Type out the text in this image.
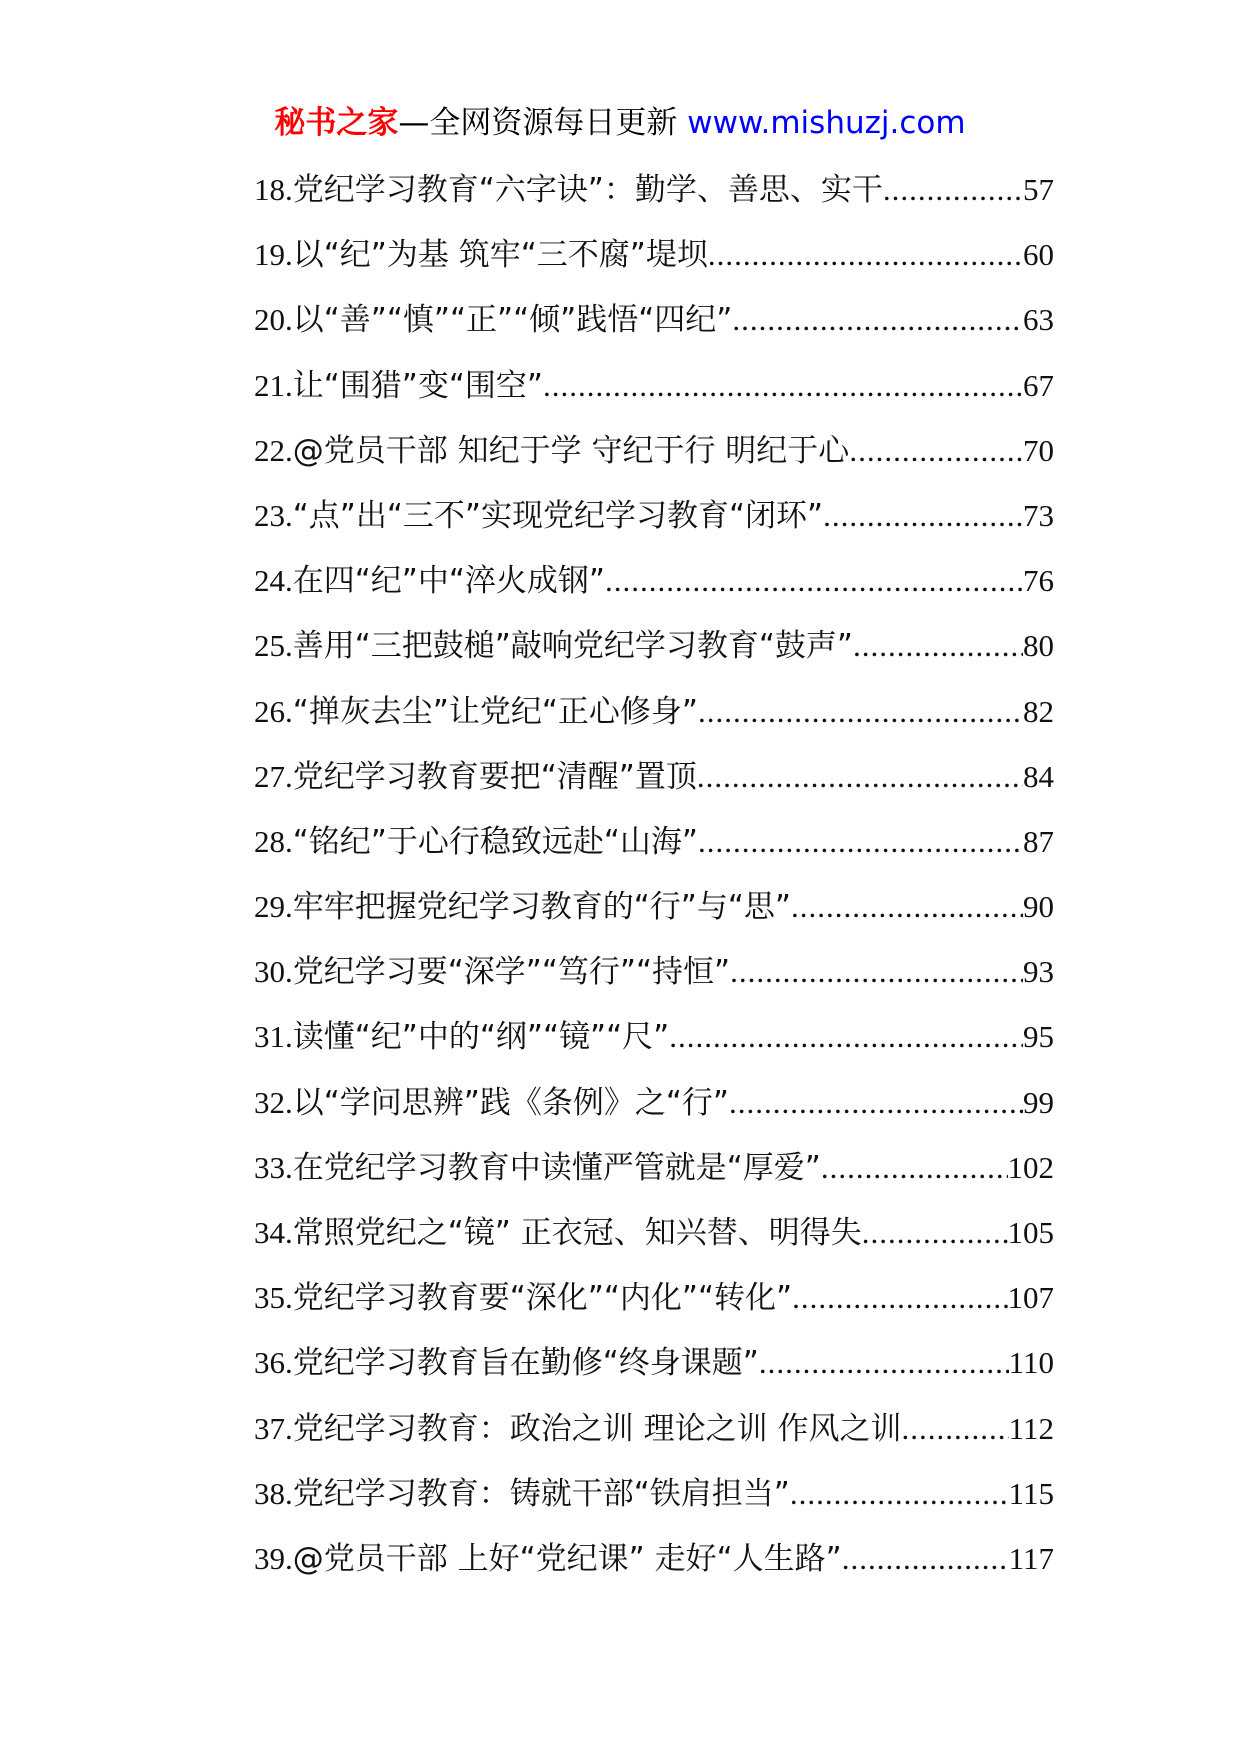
秘书之家—全网资源每日更新 www.mishuzj.com
18. 党纪学习教育“六字诀”：勤学、善思、实干 .....	57
19. 以“纪”为基 筑牢“三不腐”堤坝 .....	60
20. 以“善”“慎”“正”“倾”践悟“四纪” .....	63
21. 让“围猎”变“围空” .....	67
22. @党员干部 知纪于学 守纪于行 明纪于心 .....	70
23. “点”出“三不”实现党纪学习教育“闭环” .....	73
24. 在四“纪”中“淬火成钢” .....	76
25. 善用“三把鼓槌”敲响党纪学习教育“鼓声” .....	80
26. “掸灰去尘”让党纪“正心修身” .....	82
27. 党纪学习教育要把“清醒”置顶 .....	84
28. “铭纪”于心行稳致远赴“山海” .....	87
29. 牢牢把握党纪学习教育的“行”与“思” .....	90
30. 党纪学习要“深学”“笃行”“持恒” .....	93
31. 读懂“纪”中的“纲”“镜”“尺” .....	95
32. 以“学问思辨”践《条例》之“行” .....	99
33. 在党纪学习教育中读懂严管就是“厚爱” .....	102
34. 常照党纪之“镜” 正衣冠、知兴替、明得失 .....	105
35. 党纪学习教育要“深化”“内化”“转化” .....	107
36. 党纪学习教育旨在勤修“终身课题” .....	110
37. 党纪学习教育：政治之训 理论之训 作风之训 .....	112
38. 党纪学习教育：铸就干部“铁肩担当” .....	115
39. @党员干部 上好“党纪课” 走好“人生路” .....	117
